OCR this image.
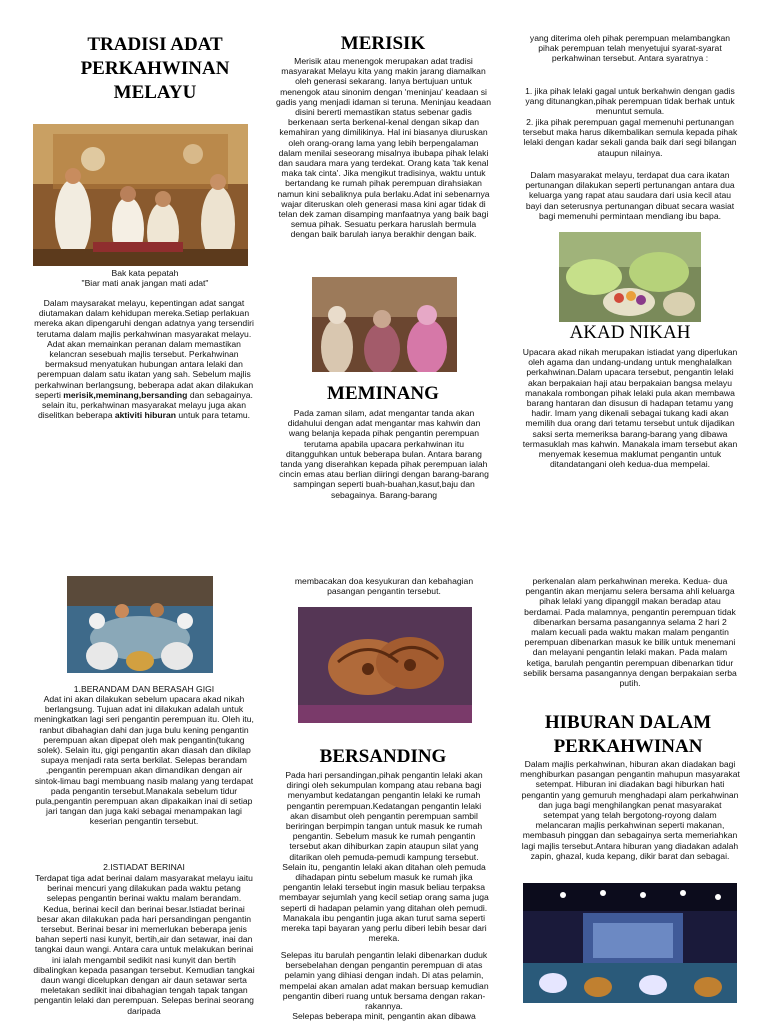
TRADISI ADAT PERKAHWINAN MELAYU

Bak kata pepatah

"Biar mati anak jangan mati adat"

Dalam maysarakat melayu, kepentingan adat sangat diutamakan dalam kehidupan mereka.Setiap perlakuan mereka akan dipengaruhi dengan adatnya yang tersendiri terutama dalam majlis perkahwinan masyarakat melayu. Adat akan memainkan peranan dalam memastikan kelancran sesebuah majlis tersebut. Perkahwinan bermaksud menyatukan hubungan antara lelaki dan perempuan dalam satu ikatan yang sah. Sebelum majlis perkahwinan berlangsung, beberapa adat akan dilakukan seperti merisik,meminang,bersanding dan sebagainya. selain itu, perkahwinan masyarakat melayu juga akan diselitkan beberapa aktiviti hiburan untuk para tetamu.

MERISIK
Merisik atau menengok merupakan adat tradisi masyarakat Melayu kita yang makin jarang diamalkan oleh generasi sekarang. Ianya bertujuan untuk menengok atau sinonim dengan 'meninjau' keadaan si gadis yang menjadi idaman si teruna. Meninjau keadaan disini bererti memastikan status sebenar gadis berkenaan serta berkenal-kenal dengan sikap dan kemahiran yang dimilikinya. Hal ini biasanya diuruskan oleh orang-orang lama yang lebih berpengalaman dalam menilai seseorang misalnya ibubapa pihak lelaki dan saudara mara yang terdekat. Orang kata 'tak kenal maka tak cinta'. Jika mengikut tradisinya, waktu untuk bertandang ke rumah pihak perempuan dirahsiakan namun kini sebaliknya pula berlaku.Adat ini sebenarnya wajar diteruskan oleh generasi masa kini agar tidak di telan dek zaman disamping manfaatnya yang baik bagi semua pihak. Sesuatu perkara haruslah bermula dengan baik barulah ianya berakhir dengan baik.
MEMINANG
Pada zaman silam, adat mengantar tanda akan didahului dengan adat mengantar mas kahwin dan wang belanja kepada pihak pengantin perempuan terutama apabila upacara perkahwinan itu ditangguhkan untuk beberapa bulan. Antara barang tanda yang diserahkan kepada pihak perempuan ialah cincin emas atau berlian diiringi dengan barang-barang sampingan seperti buah-buahan,kasut,baju dan sebagainya. Barang-barang
yang diterima oleh pihak perempuan melambangkan pihak perempuan telah menyetujui syarat-syarat perkahwinan tersebut. Antara syaratnya :
1. jika pihak lelaki gagal untuk berkahwin dengan gadis yang ditunangkan,pihak perempuan tidak berhak untuk menuntut semula.
2. jika pihak perempuan gagal memenuhi pertunangan tersebut maka harus dikembalikan semula kepada pihak lelaki dengan kadar sekali ganda baik dari segi bilangan ataupun nilainya.
Dalam masyarakat melayu, terdapat dua cara ikatan pertunangan dilakukan seperti pertunangan antara dua keluarga yang rapat atau saudara dari usia kecil atau bayi dan seterusnya pertunangan dibuat secara wasiat bagi memenuhi permintaan mendiang ibu bapa.
AKAD NIKAH
Upacara akad nikah merupakan istiadat yang diperlukan oleh agama dan undang-undang untuk menghalalkan perkahwinan.Dalam upacara tersebut, pengantin lelaki akan berpakaian haji atau berpakaian bangsa melayu manakala rombongan pihak lelaki pula akan membawa barang hantaran dan disusun di hadapan tetamu yang hadir. Imam yang dikenali sebagai tukang kadi akan memilih dua orang dari tetamu tersebut untuk dijadikan saksi serta memeriksa barang-barang yang dibawa termasuklah mas kahwin. Manakala imam tersebut akan menyemak kesemua maklumat pengantin untuk ditandatangani oleh kedua-dua mempelai.
1.BERANDAM DAN BERASAH GIGI
Adat ini akan dilakukan sebelum upacara akad nikah berlangsung. Tujuan adat ini dilakukan adalah untuk meningkatkan lagi seri pengantin perempuan itu. Oleh itu, ranbut dibahagian dahi dan juga bulu kening pengantin perempuan akan dipepat oleh mak pengantin(tukang solek). Selain itu, gigi pengantin akan diasah dan dikilap supaya menjadi rata serta berkilat. Selepas berandam ,pengantin perempuan akan dimandikan dengan air sintok-limau bagi membuang nasib malang yang terdapat pada pengantin tersebut.Manakala sebelum tidur pula,pengantin perempuan akan dipakaikan inai di setiap jari tangan dan juga kaki sebagai menampakan lagi keserian pengantin tersebut.
2.ISTIADAT BERINAI
Terdapat tiga adat berinai dalam masyarakat melayu iaitu berinai mencuri yang dilakukan pada waktu petang selepas pengantin berinai waktu malam berandam. Kedua, berinai kecil dan berinai besar.Istiadat berinai besar akan dilakukan pada hari persandingan pengantin tersebut. Berinai besar ini memerlukan beberapa jenis bahan seperti nasi kunyit, bertih,air dan setawar, inai dan tangkai daun wangi. Antara cara untuk melakukan berinai ini ialah mengambil sedikit nasi kunyit dan bertih dibalingkan kepada pasangan tersebut. Kemudian tangkai daun wangi dicelupkan dengan air daun setawar serta meletakan sedikit inai dibahagian tengah tapak tangan pengantin lelaki dan perempuan. Selepas berinai seorang daripada
membacakan doa kesyukuran dan kebahagian pasangan pengantin tersebut.
BERSANDING
Pada hari persandingan,pihak pengantin lelaki akan diringi oleh sekumpulan kompang atau rebana bagi menyambut kedatangan pengantin lelaki ke rumah pengantin perempuan.Kedatangan pengantin lelaki akan disambut oleh pengantin perempuan sambil beriringan berpimpin tangan untuk masuk ke rumah pengantin. Sebelum masuk ke rumah pengantin tersebut akan dihiburkan zapin ataupun silat yang ditarikan oleh pemuda-pemudi kampung tersebut. Selain itu, pengantin lelaki akan ditahan oleh pemuda dihadapan pintu sebelum masuk ke rumah jika pengantin lelaki tersebut ingin masuk beliau terpaksa membayar sejumlah yang kecil setiap orang sama juga seperti di hadapan pelamin yang ditahan oleh pemudi. Manakala ibu pengantin juga akan turut sama seperti mereka tapi bayaran yang perlu diberi lebih besar dari mereka.
Selepas itu barulah pengantin lelaki dibenarkan duduk bersebelahan dengan pengantin perempuan di atas pelamin yang dihiasi dengan indah. Di atas pelamin, mempelai akan amalan adat makan bersuap kemudian pengantin diberi ruang untuk bersama dengan rakan-rakannya.
Selepas beberapa minit, pengantin akan dibawa
perkenalan alam perkahwinan mereka. Kedua- dua pengantin akan menjamu selera bersama ahli keluarga pihak lelaki yang dipanggil makan beradap atau berdamai. Pada malamnya, pengantin perempuan tidak dibenarkan bersama pasangannya selama 2 hari 2 malam kecuali pada waktu makan malam pengantin perempuan dibenarkan masuk ke bilik untuk menemani dan melayani pengantin lelaki makan. Pada malam ketiga, barulah pengantin perempuan dibenarkan tidur sebilik bersama pasangannya dengan berpakaian serba putih.
HIBURAN DALAM PERKAHWINAN
Dalam majlis perkahwinan, hiburan akan diadakan bagi menghiburkan pasangan pengantin mahupun masyarakat setempat. Hiburan ini diadakan bagi hiburkan hati pengantin yang gemuruh menghadapi alam perkahwinan dan juga bagi menghilangkan penat masyarakat setempat yang telah bergotong-royong dalam melancaran majlis perkahwinan seperti makanan, membasuh pinggan dan sebagainya serta memeriahkan lagi majlis tersebut.Antara hiburan yang diadakan adalah zapin, ghazal, kuda kepang, dikir barat dan sebagai.
